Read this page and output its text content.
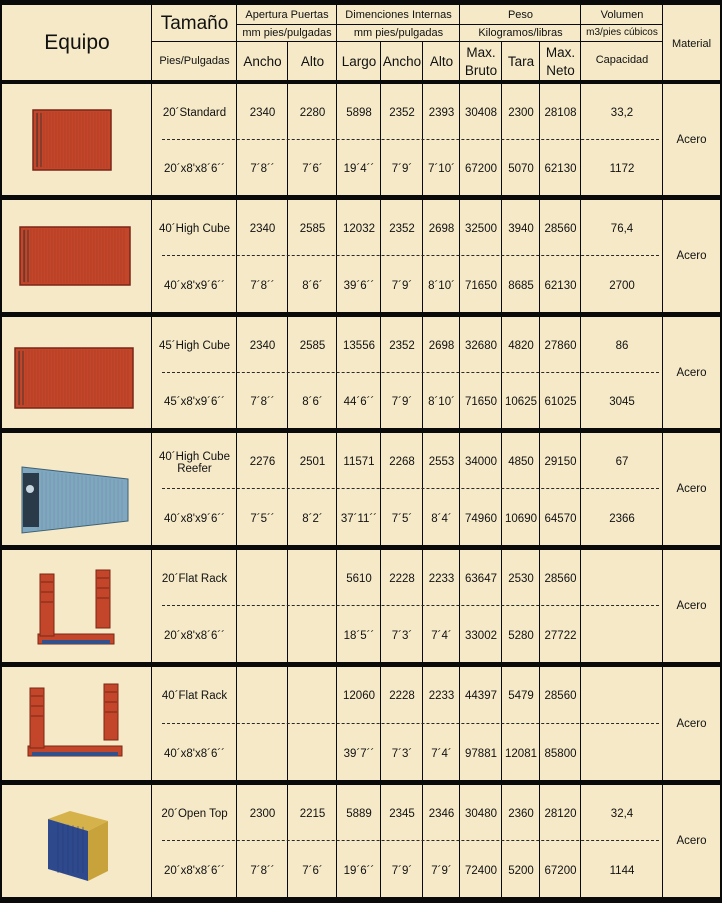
Equipo
Tamaño
Pies/Pulgadas
Apertura Puertas
mm pies/pulgadas
Dimenciones Internas
mm pies/pulgadas
Peso
Kilogramos/libras
Volumen
m3/pies cúbicos
Material
Ancho Alto Largo Ancho Alto	Tara
Max.
Bruto
Max.
Neto
Capacidad
20´Standard
20´x8'x8´6´´
2340
7´8´´
2280
7´6´
5898
19´4´´
2352
7´9´
2393
7´10´
30408
67200
2300
5070
28108
62130
33,2
1172
Acero
40´High Cube
40´x8'x9´6´´
2340
7´8´´
2585
8´6´
12032
39´6´´
2352
7´9´
2698
8´10´
32500
71650
3940
8685
28560
62130
76,4
2700
Acero
45´High Cube
45´x8'x9´6´´
2340
7´8´´
2585
8´6´
13556
44´6´´
2352
7´9´
2698
8´10´
32680
71650
4820
10625
27860
61025
86
3045
Acero
40´High Cube
Reefer
40´x8'x9´6´´
2276
7´5´´
2501
8´2´
11571
37´11´´
2268
7´5´
2553
8´4´
34000
74960
4850
10690
29150
64570
67
2366
Acero
20´Flat Rack
20´x8'x8´6´´
5610
18´5´´
2228
7´3´
2233
7´4´
63647
33002
2530
5280
28560
27722
Acero
40´Flat Rack
40´x8'x8´6´´
12060
39´7´´
2228
7´3´
2233
7´4´
44397
97881
5479
12081
28560
85800
Acero
20´Open Top
20´x8'x8´6´´
2300
7´8´´
2215
7´6´
5889
19´6´´
2345
7´9´
2346
7´9´
30480
72400
2360
5200
28120
67200
32,4
1144
Acero
